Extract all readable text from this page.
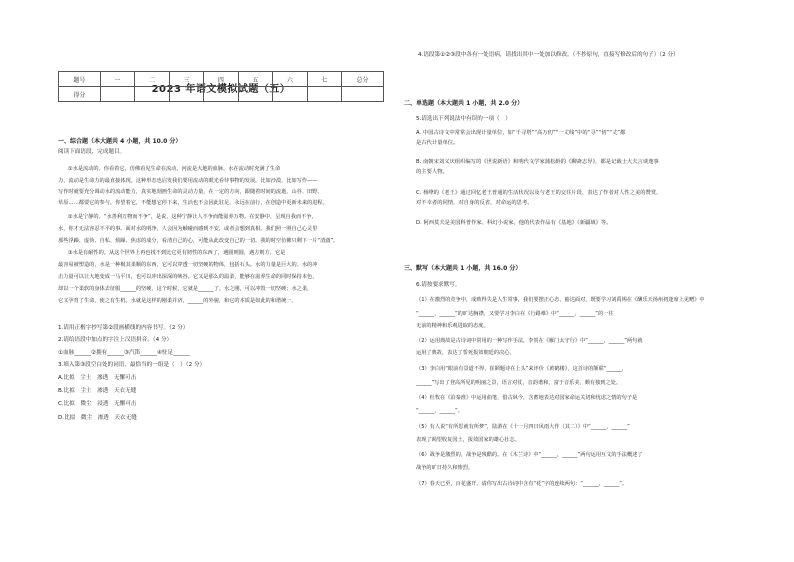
2023 年语文模拟试题（五）
题号	一	二	三	四	五	六	七	总分
得分								
一、综合题（本大题共 4 小题，共 10.0 分）
阅读下面语段，完成题目。
①水是流动的。你看着它，仿佛看见生命在流动。河流是大地的血脉，水在流动时充满了生命
力，流动是生命力的最直接体现。这种形态也启发我们要用流动的眼光看待事物的发展。比如沙漠、比如写作——
写作时就要充分调动水的流动能力，真实地刻画生命的灵动力量，在一定的方向，跟随着时间的流逝，山谷、田野、
草原……都要它的参与。你望着它，不能想它停下来，生活也不会因此驻足，永远在前行，在创造中更新未来的进程。
②水是宁静的。“水善利万物而不争”，是说，这种宁静让人不争而能滋养万物。在安静中，呈现自我而不争，
水，你才无法容忍不平的事。面对水的明净，人会因为触碰而感到不安，或者会想到真相。我们照一照自己心灵里
那些浮躁、虚伪、自私、烦躁、焦虑的成分，看清自己的心，可能从此改变自己的一切。我的时空仿佛只剩下一片“清澈”。
③水是有耐性的。从这个世界上再也找不到比它更有韧性的东西了，遇圆则圆，遇方则方，它是
最容易被塑造的，水是一种极其柔顺的东西，它可以穿透一切坚硬的物体，包括石头。水的力量是巨大的。水的冲
击力量可以让大地变成一马平川，也可以冲出深深的峡谷。它又是那么的温柔，能够在滋养生命的同时保持本色，
却以一个柔软的身体去征服______的坚硬，这个时候，它就是______了。水之刚，可以冲毁一切坚硬；水之柔，
它又孕育了生命，使之有生机。水就是这样的刚柔并济，______的外貌，和它的本质是如此的和谐统一。
1.请用正楷字抄写第②段画横线的内容书写。（2 分）
2.请给语段中加点的字注上汉语拼音。（4 分）
①血脉______②拥有______③汽笛______④驻足______
3.填入第③段空白处的词语，最恰当的一组是（　）（2 分）
A.比拟　尘土　滲透　无懈可击
B.比拟　尘土　渗透　天衣无缝
C.比拟　微尘　浸透　无懈可击
D.比拟　微尘　渗透　天衣无缝
4.语段第①②③段中各有一处语病，请找出其中一处加以修改。（不抄原句，直接写修改后的句子）（2 分）
二、单选题（本大题共 1 小题，共 2.0 分）
5.请选出下列说法中有误的一项（　）
A. 中国古诗文中常常会出现计量单位，如“千寻塔”“高万仞”“一丈线”中的“寻”“仞”“丈”都
是古代计量单位。
B. 南朝宋刘义庆组织编写的《世说新语》和明代文学家蒲松龄的《聊斋志异》，都是记载士大夫言谈逸事
的主要人物。
C. 杨绛的《老王》通过回忆老王普通的生活状况以及与老王的交往片段，表达了作者对人性之美的赞赏，
对不幸者的同情，对自身的反省，对命运的思考。
D. 阿西莫夫是美国科普作家、科幻小说家，他的代表作品有《基地》《新疆域》等。
三、默写（本大题共 1 小题，共 16.0 分）
6.请按要求默写。
（1）在激烈的竞争中，成败得失是人生常事，我们要摆正心态，豁达面对，既要学习刘禹锡在《酬乐天扬州初逢席上见赠》中
“______，______”的旷达胸襟，又要学习李白在《行路难》中“______，______”的一往
无前的精神和乐观进取的态度。
（2）运用典故是古诗词中常用的一种写作手法，李贺在《雁门太守行》中“______，______”两句就
运用了典故，表达了誓死报效朝廷的决心。
（3）李白用“眼前有景道不得，崔颢题诗在上头”来评价《黄鹤楼》，这首诗的颔联“______，
______”写出了登高所见的明丽之景，语言对仗，音韵谐和，富于音乐美，颇有独到之处。
（4）杜牧在《泊秦淮》中运用曲笔，借古讽今，含蓄地表达对国家命运关切和忧虑之情的句子是
“______，______”。
（5）有人说“有所思就有所梦”，陆游在《十一月四日风雨大作（其二）》中“______，______”
表现了渴望收复国土，报效国家的雄心壮志。
（6）战争是激烈的，战争是残酷的。在《木兰诗》中“______，______”两句运用互文的手法概述了
战争的旷日持久和惨烈。
（7）春天已至，百花盛开。请你写出古诗词中含有“花”字的连续两句：“______，______”。
